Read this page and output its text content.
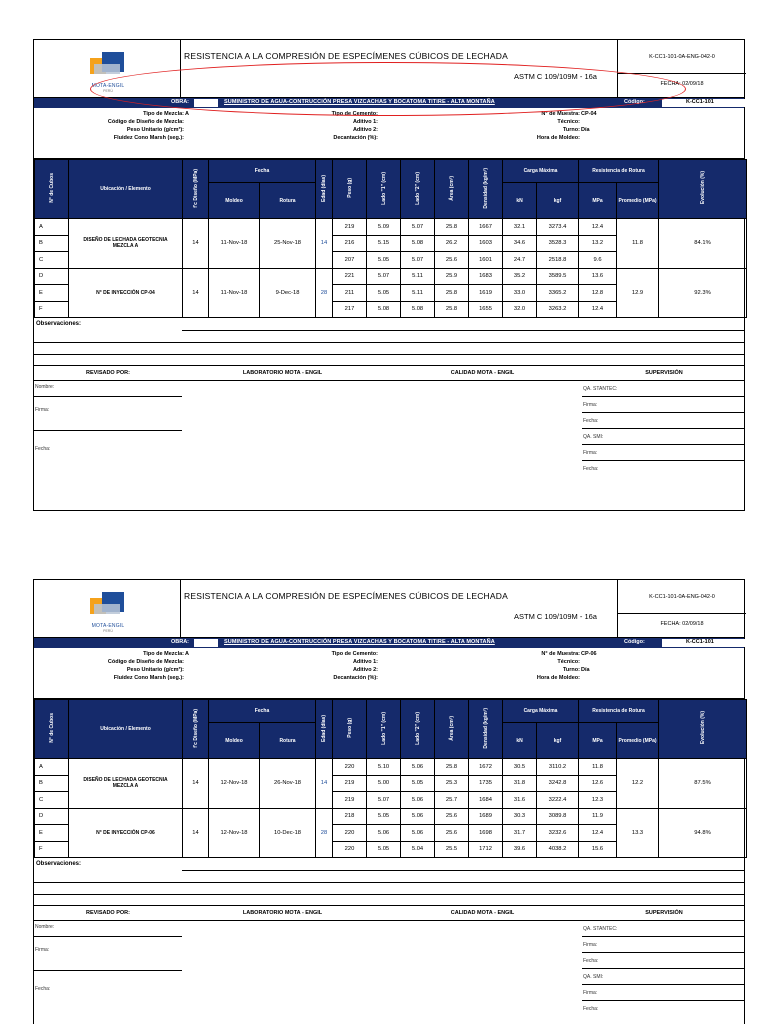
MOTA-ENGIL
PERÚ
RESISTENCIA A LA COMPRESIÓN DE ESPECÍMENES CÚBICOS DE LECHADA
ASTM C 109/109M - 16a
K-CC1-101-0A-ENG-042-0
FECHA: 02/09/18
OBRA:	SUMINISTRO DE AGUA-CONTRUCCIÓN PRESA VIZCACHAS Y BOCATOMA TITIRE - ALTA MONTAÑA	Código:	K-CC1-101
Tipo de Mezcla: A
Código de Diseño de Mezcla:
Peso Unitario (g/cm³):
Fluidez Cono Marsh (seg.):
Tipo de Cemento:
Aditivo 1:
Aditivo 2:
Decantación (%):
N° de Muestra: CP-04
Técnico:
Turno: Día
Hora de Moldeo:
N° de Cubos	Ubicación / Elemento	f'c Diseño (MPa)	Fecha		Edad (días)	Peso (g)	Lado "1" (cm)	Lado "2" (cm)	Área (cm²)	Densidad (kg/m³)	Carga Máxima		Resistencia de Rotura		Evolución (%)
			Moldeo	Rotura							kN	kgf	MPa	Promedio (MPa)	
A	DISEÑO DE LECHADA GEOTECNIA MEZCLA A	14	11-Nov-18	25-Nov-18	14	219	5.09	5.07	25.8	1667	32.1	3273.4	12.4	11.8	84.1%
B						216	5.15	5.08	26.2	1603	34.6	3528.3	13.2		
C						207	5.05	5.07	25.6	1601	24.7	2518.8	9.6		
D	N° DE INYECCIÓN CP-04	14	11-Nov-18	9-Dec-18	28	221	5.07	5.11	25.9	1683	35.2	3589.5	13.6	12.9	92.3%
E						211	5.05	5.11	25.8	1619	33.0	3365.2	12.8		
F						217	5.08	5.08	25.8	1655	32.0	3263.2	12.4		
Observaciones:
REVISADO POR:	LABORATORIO MOTA - ENGIL	CALIDAD MOTA - ENGIL	SUPERVISIÓN
Nombre:
Firma:
Fecha:
QA. STANTEC:
Firma:
Fecha:
QA. SMI:
Firma:
Fecha:
MOTA-ENGIL
PERÚ
RESISTENCIA A LA COMPRESIÓN DE ESPECÍMENES CÚBICOS DE LECHADA
ASTM C 109/109M - 16a
K-CC1-101-0A-ENG-042-0
FECHA: 02/09/18
OBRA:	SUMINISTRO DE AGUA-CONTRUCCIÓN PRESA VIZCACHAS Y BOCATOMA TITIRE - ALTA MONTAÑA	Código:	K-CC1-101
Tipo de Mezcla: A
Código de Diseño de Mezcla:
Peso Unitario (g/cm³):
Fluidez Cono Marsh (seg.):
Tipo de Cemento:
Aditivo 1:
Aditivo 2:
Decantación (%):
N° de Muestra: CP-06
Técnico:
Turno: Día
Hora de Moldeo:
N° de Cubos	Ubicación / Elemento	f'c Diseño (MPa)	Fecha		Edad (días)	Peso (g)	Lado "1" (cm)	Lado "2" (cm)	Área (cm²)	Densidad (kg/m³)	Carga Máxima		Resistencia de Rotura		Evolución (%)
			Moldeo	Rotura							kN	kgf	MPa	Promedio (MPa)	
A	DISEÑO DE LECHADA GEOTECNIA MEZCLA A	14	12-Nov-18	26-Nov-18	14	220	5.10	5.06	25.8	1672	30.5	3110.2	11.8	12.2	87.5%
B						219	5.00	5.05	25.3	1735	31.8	3242.8	12.6		
C						219	5.07	5.06	25.7	1684	31.6	3222.4	12.3		
D	N° DE INYECCIÓN CP-06	14	12-Nov-18	10-Dec-18	28	218	5.05	5.06	25.6	1689	30.3	3089.8	11.9	13.3	94.8%
E						220	5.06	5.06	25.6	1698	31.7	3232.6	12.4		
F						220	5.05	5.04	25.5	1712	39.6	4038.2	15.6		
Observaciones:
REVISADO POR:	LABORATORIO MOTA - ENGIL	CALIDAD MOTA - ENGIL	SUPERVISIÓN
Nombre:
Firma:
Fecha:
QA. STANTEC:
Firma:
Fecha:
QA. SMI:
Firma:
Fecha:
